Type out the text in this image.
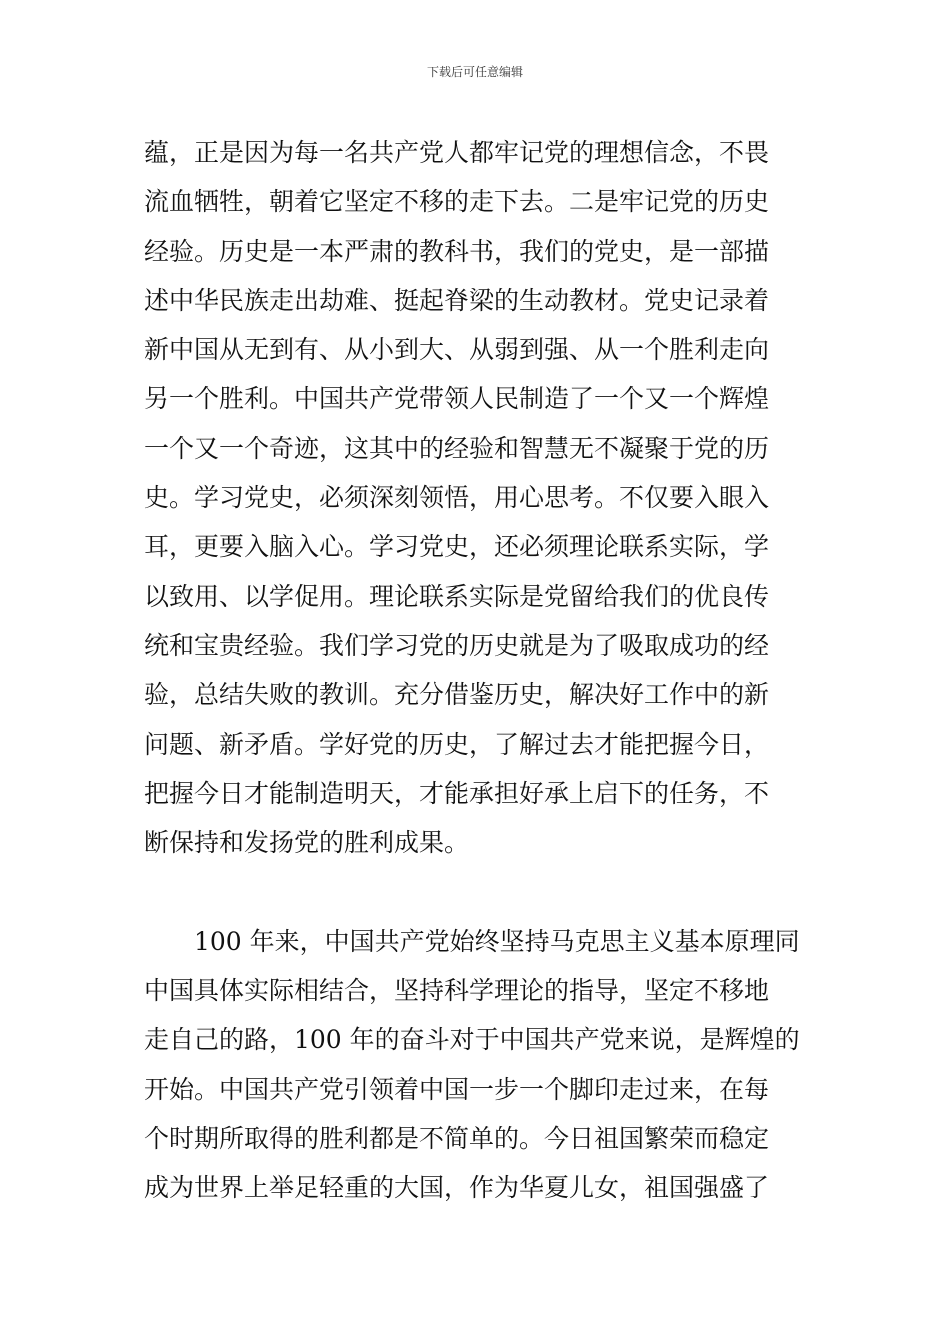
下载后可任意编辑
蕴，正是因为每一名共产党人都牢记党的理想信念，不畏
流血牺牲，朝着它坚定不移的走下去。二是牢记党的历史
经验。历史是一本严肃的教科书，我们的党史，是一部描
述中华民族走出劫难、挺起脊梁的生动教材。党史记录着
新中国从无到有、从小到大、从弱到强、从一个胜利走向
另一个胜利。中国共产党带领人民制造了一个又一个辉煌
一个又一个奇迹，这其中的经验和智慧无不凝聚于党的历
史。学习党史，必须深刻领悟，用心思考。不仅要入眼入
耳，更要入脑入心。学习党史，还必须理论联系实际，学
以致用、以学促用。理论联系实际是党留给我们的优良传
统和宝贵经验。我们学习党的历史就是为了吸取成功的经
验，总结失败的教训。充分借鉴历史，解决好工作中的新
问题、新矛盾。学好党的历史，了解过去才能把握今日，
把握今日才能制造明天，才能承担好承上启下的任务，不
断保持和发扬党的胜利成果。
　　100 年来，中国共产党始终坚持马克思主义基本原理同
中国具体实际相结合，坚持科学理论的指导，坚定不移地
走自己的路，100 年的奋斗对于中国共产党来说，是辉煌的
开始。中国共产党引领着中国一步一个脚印走过来，在每
个时期所取得的胜利都是不简单的。今日祖国繁荣而稳定
成为世界上举足轻重的大国，作为华夏儿女，祖国强盛了
